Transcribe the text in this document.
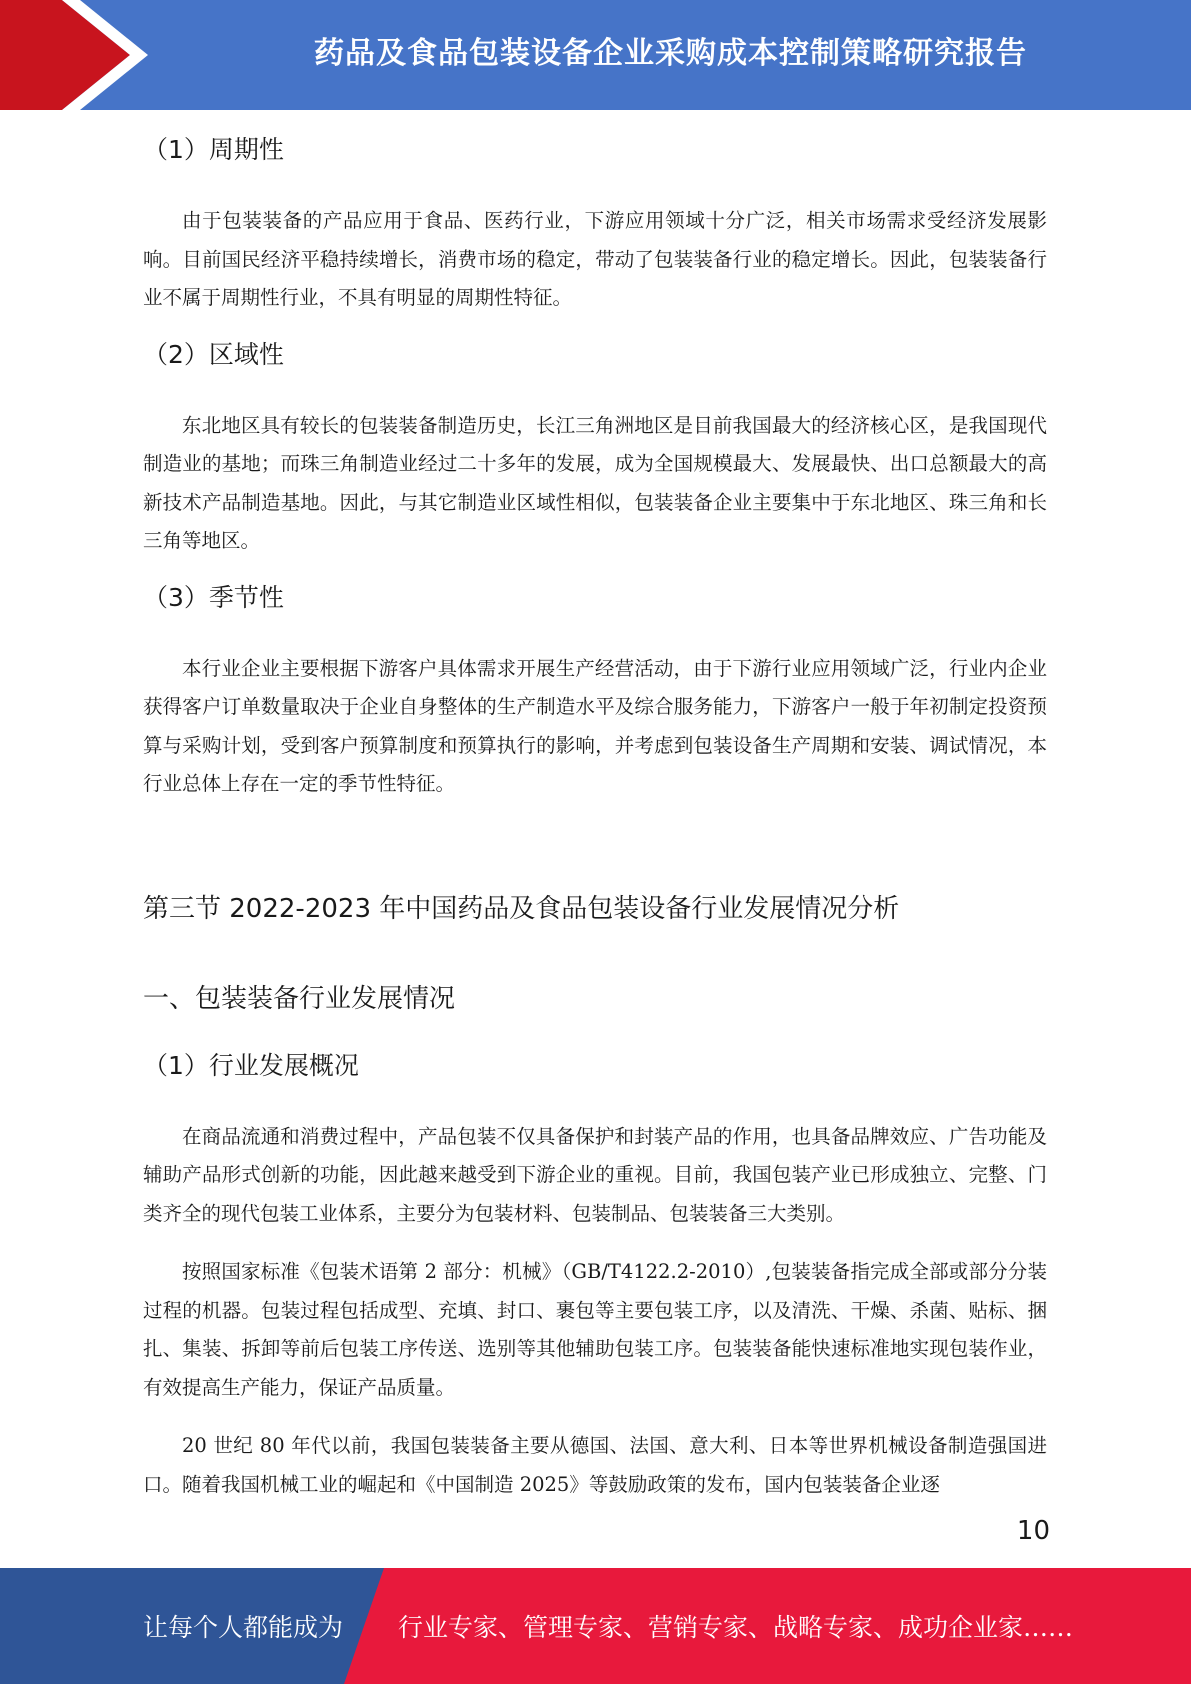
药品及食品包装设备企业采购成本控制策略研究报告
（1）周期性

由于包装装备的产品应用于食品、医药行业，下游应用领域十分广泛，相关市场需求受经济发展影响。目前国民经济平稳持续增长，消费市场的稳定，带动了包装装备行业的稳定增长。因此，包装装备行业不属于周期性行业，不具有明显的周期性特征。

（2）区域性

东北地区具有较长的包装装备制造历史，长江三角洲地区是目前我国最大的经济核心区，是我国现代制造业的基地；而珠三角制造业经过二十多年的发展，成为全国规模最大、发展最快、出口总额最大的高新技术产品制造基地。因此，与其它制造业区域性相似，包装装备企业主要集中于东北地区、珠三角和长三角等地区。

（3）季节性

本行业企业主要根据下游客户具体需求开展生产经营活动，由于下游行业应用领域广泛，行业内企业获得客户订单数量取决于企业自身整体的生产制造水平及综合服务能力，下游客户一般于年初制定投资预算与采购计划，受到客户预算制度和预算执行的影响，并考虑到包装设备生产周期和安装、调试情况，本行业总体上存在一定的季节性特征。

第三节 2022-2023 年中国药品及食品包装设备行业发展情况分析
一、包装装备行业发展情况
（1）行业发展概况

在商品流通和消费过程中，产品包装不仅具备保护和封装产品的作用，也具备品牌效应、广告功能及辅助产品形式创新的功能，因此越来越受到下游企业的重视。目前，我国包装产业已形成独立、完整、门类齐全的现代包装工业体系，主要分为包装材料、包装制品、包装装备三大类别。

按照国家标准《包装术语第 2 部分：机械》（GB/T4122.2-2010）,包装装备指完成全部或部分分装过程的机器。包装过程包括成型、充填、封口、裹包等主要包装工序，以及清洗、干燥、杀菌、贴标、捆扎、集装、拆卸等前后包装工序传送、选别等其他辅助包装工序。包装装备能快速标准地实现包装作业，有效提高生产能力，保证产品质量。

20 世纪 80 年代以前，我国包装装备主要从德国、法国、意大利、日本等世界机械设备制造强国进口。随着我国机械工业的崛起和《中国制造 2025》等鼓励政策的发布，国内包装装备企业逐

10
让每个人都能成为 行业专家、管理专家、营销专家、战略专家、成功企业家……
